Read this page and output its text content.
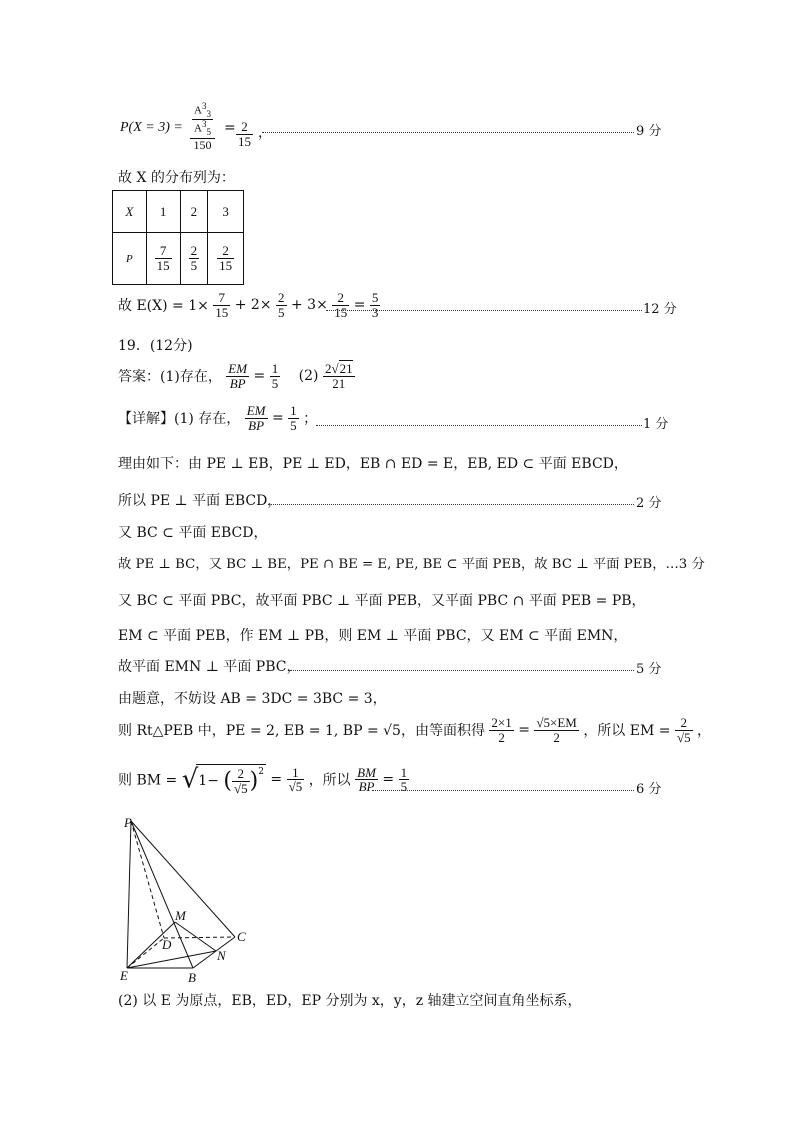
$P(X = 3) = \frac{\frac{A^3_3}{A^3_5}}{150} = \frac{2}{15}$ ，	9 分
故 X 的分布列为：
X	1	2	3
P	$\frac{7}{15}$	$\frac{2}{5}$	$\frac{2}{15}$
故 $E(X) = 1\times \frac{7}{15} + 2\times \frac{2}{5} + 3\times \frac{2}{15} = \frac{5}{3}$	12 分
19．(12分)
答案：(1)存在， $\frac{EM}{BP} = \frac{1}{5} (2) \frac{2√21}{21}$
【详解】(1) 存在， $\frac{EM}{BP} = \frac{1}{5}$ ；	1 分
理由如下：由 PE ⊥ EB，PE ⊥ ED，EB ∩ ED = E，EB, ED ⊂ 平面 EBCD，
所以 PE ⊥ 平面 EBCD，	2 分
又 BC ⊂ 平面 EBCD，
故 PE ⊥ BC，又 BC ⊥ BE，PE ∩ BE = E, PE, BE ⊂ 平面 PEB，故 BC ⊥ 平面 PEB，…3 分
又 BC ⊂ 平面 PBC，故平面 PBC ⊥ 平面 PEB，又平面 PBC ∩ 平面 PEB = PB，
EM ⊂ 平面 PEB，作 EM ⊥ PB，则 EM ⊥ 平面 PBC，又 EM ⊂ 平面 EMN，
故平面 EMN ⊥ 平面 PBC，	5 分
由题意，不妨设 AB = 3DC = 3BC = 3，
则 Rt△PEB 中，PE = 2, EB = 1, BP = √5，由等面积得 $\frac{2\times 1}{2} = \frac{√5\times EM}{2}$ ，所以 EM = $\frac{2}{√5}$ ，
则 BM = √1− ( $\frac{2}{√5} )^2 = \frac{1}{√5}$ ，所以 $\frac{BM}{BP} = \frac{1}{5}$	6 分
P
M
D
C
N
E	B
(2) 以 E 为原点，EB，ED，EP 分别为 x，y，z 轴建立空间直角坐标系，
